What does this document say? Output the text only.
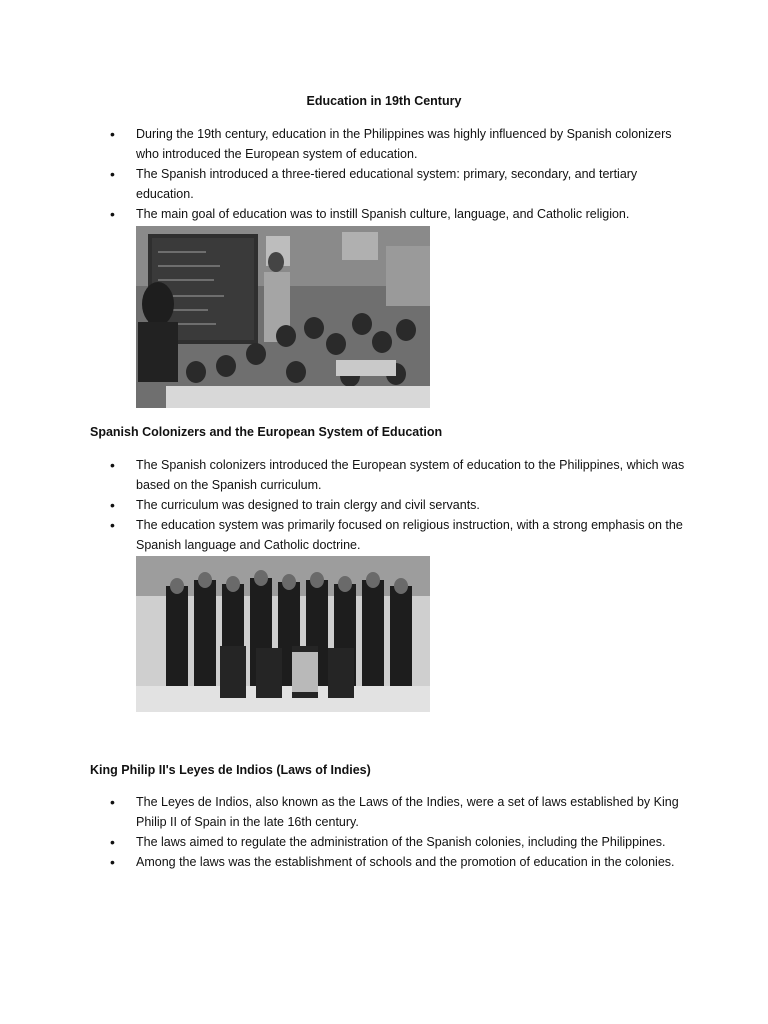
Education in 19th Century
• During the 19th century, education in the Philippines was highly influenced by Spanish colonizers who introduced the European system of education.
• The Spanish introduced a three-tiered educational system: primary, secondary, and tertiary education.
• The main goal of education was to instill Spanish culture, language, and Catholic religion.
Spanish Colonizers and the European System of Education
• The Spanish colonizers introduced the European system of education to the Philippines, which was based on the Spanish curriculum.
• The curriculum was designed to train clergy and civil servants.
• The education system was primarily focused on religious instruction, with a strong emphasis on the Spanish language and Catholic doctrine.
King Philip II's Leyes de Indios (Laws of Indies)
• The Leyes de Indios, also known as the Laws of the Indies, were a set of laws established by King Philip II of Spain in the late 16th century.
• The laws aimed to regulate the administration of the Spanish colonies, including the Philippines.
• Among the laws was the establishment of schools and the promotion of education in the colonies.
